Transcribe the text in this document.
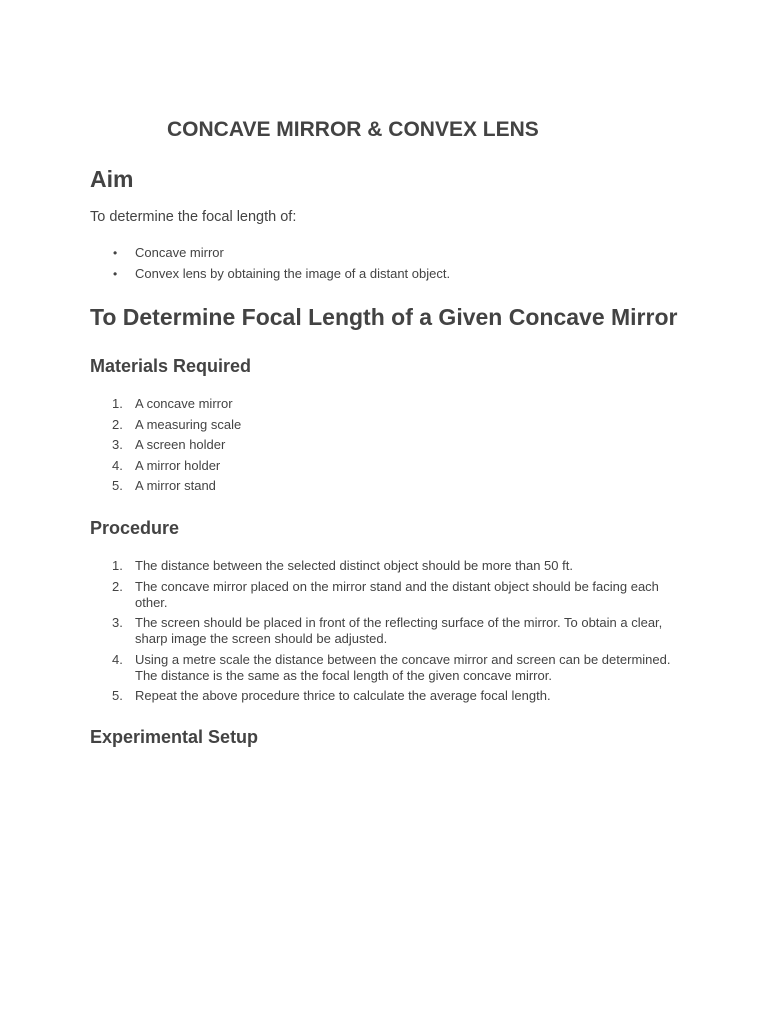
CONCAVE MIRROR & CONVEX LENS
Aim

To determine the focal length of:

• Concave mirror
• Convex lens by obtaining the image of a distant object.
To Determine Focal Length of a Given Concave Mirror
Materials Required
1. A concave mirror
2. A measuring scale
3. A screen holder
4. A mirror holder
5. A mirror stand
Procedure
1. The distance between the selected distinct object should be more than 50 ft.
2. The concave mirror placed on the mirror stand and the distant object should be facing each other.
3. The screen should be placed in front of the reflecting surface of the mirror. To obtain a clear, sharp image the screen should be adjusted.
4. Using a metre scale the distance between the concave mirror and screen can be determined. The distance is the same as the focal length of the given concave mirror.
5. Repeat the above procedure thrice to calculate the average focal length.
Experimental Setup
